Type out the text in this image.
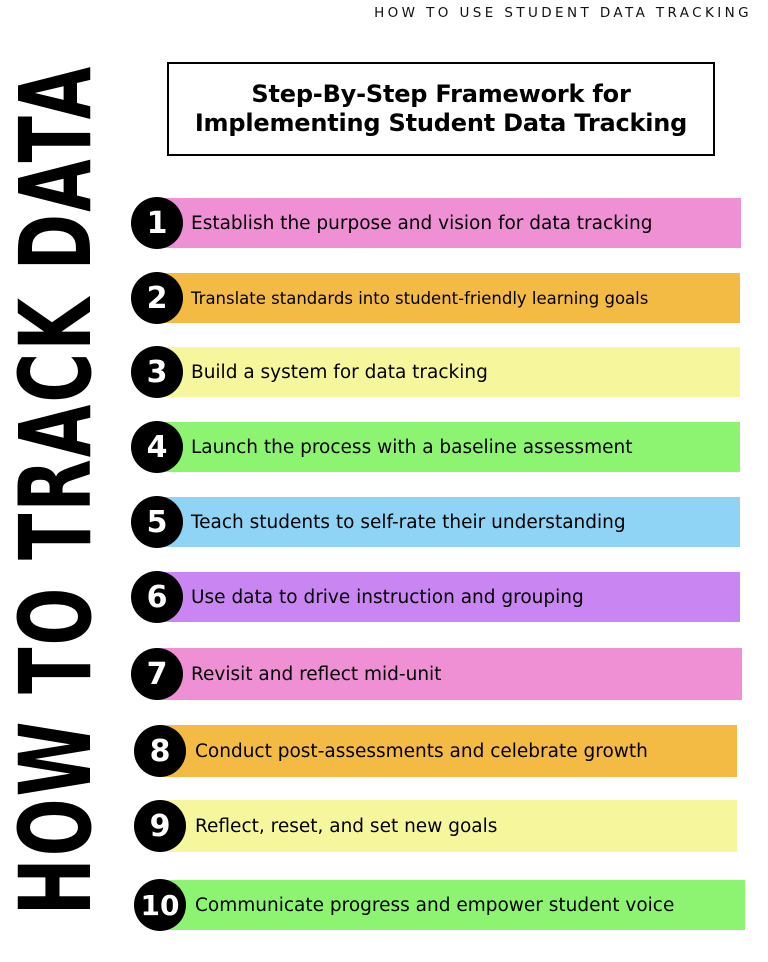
HOW TO USE STUDENT DATA TRACKING
HOW TO TRACK DATA	Step-By-Step Framework for
Implementing Student Data Tracking
Establish the purpose and vision for data tracking
1
Translate standards into student-friendly learning goals
2
Build a system for data tracking
3
Launch the process with a baseline assessment
4
Teach students to self-rate their understanding
5
Use data to drive instruction and grouping
6
Revisit and reflect mid-unit
7
Conduct post-assessments and celebrate growth
8
Reflect, reset, and set new goals
9
Communicate progress and empower student voice
10
